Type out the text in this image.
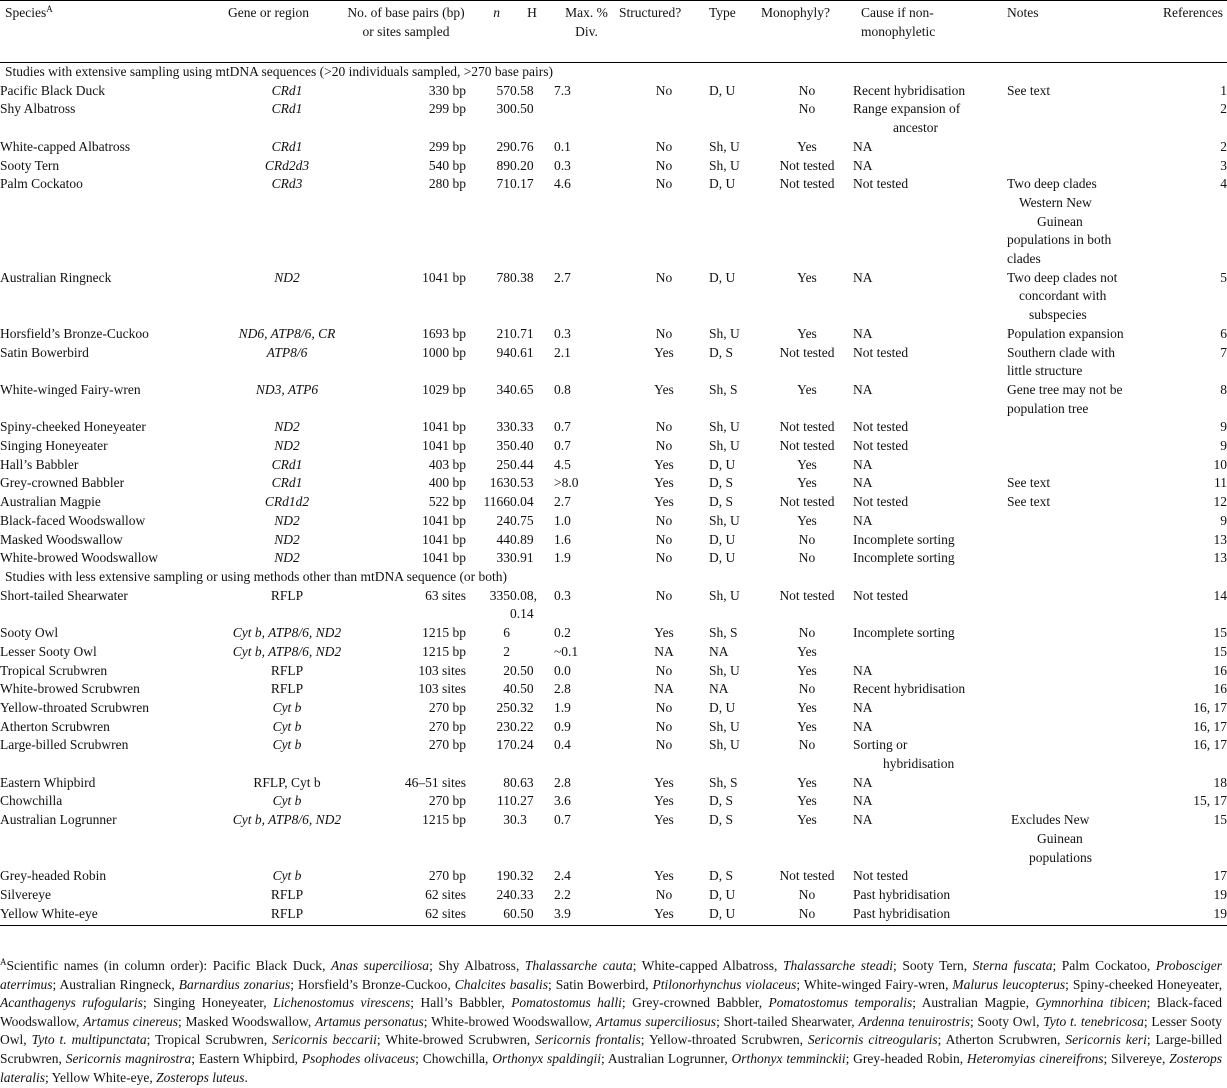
Species$^A$	Gene or region	No. of base pairs (bp) or sites sampled	n	H	Max. % Div.	Structured?	Type	Monophyly?	Cause if non-monophyletic	Notes	References
Studies with extensive sampling using mtDNA sequences (>20 individuals sampled, >270 base pairs)											
Pacific Black Duck	CRd1	330 bp	57	0.58	7.3	No	D, U	No	Recent hybridisation	See text	1
Shy Albatross	CRd1	299 bp	30	0.50				No	Range expansion of
ancestor		2
White-capped Albatross	CRd1	299 bp	29	0.76	0.1	No	Sh, U	Yes	NA		2
Sooty Tern	CRd2d3	540 bp	89	0.20	0.3	No	Sh, U	Not tested	NA		3
Palm Cockatoo	CRd3	280 bp	71	0.17	4.6	No	D, U	Not tested	Not tested	Two deep clades
Western New
Guinean
populations in both
clades	4
Australian Ringneck	ND2	1041 bp	78	0.38	2.7	No	D, U	Yes	NA	Two deep clades not
concordant with
subspecies	5
Horsfield’s Bronze-Cuckoo	ND6, ATP8/6, CR	1693 bp	21	0.71	0.3	No	Sh, U	Yes	NA	Population expansion	6
Satin Bowerbird	ATP8/6	1000 bp	94	0.61	2.1	Yes	D, S	Not tested	Not tested	Southern clade with
little structure	7
White-winged Fairy-wren	ND3, ATP6	1029 bp	34	0.65	0.8	Yes	Sh, S	Yes	NA	Gene tree may not be
population tree	8
Spiny-cheeked Honeyeater	ND2	1041 bp	33	0.33	0.7	No	Sh, U	Not tested	Not tested		9
Singing Honeyeater	ND2	1041 bp	35	0.40	0.7	No	Sh, U	Not tested	Not tested		9
Hall’s Babbler	CRd1	403 bp	25	0.44	4.5	Yes	D, U	Yes	NA		10
Grey-crowned Babbler	CRd1	400 bp	163	0.53	>8.0	Yes	D, S	Yes	NA	See text	11
Australian Magpie	CRd1d2	522 bp	1166	0.04	2.7	Yes	D, S	Not tested	Not tested	See text	12
Black-faced Woodswallow	ND2	1041 bp	24	0.75	1.0	No	Sh, U	Yes	NA		9
Masked Woodswallow	ND2	1041 bp	44	0.89	1.6	No	D, U	No	Incomplete sorting		13
White-browed Woodswallow	ND2	1041 bp	33	0.91	1.9	No	D, U	No	Incomplete sorting		13
Studies with less extensive sampling or using methods other than mtDNA sequence (or both)											
Short-tailed Shearwater	RFLP	63 sites	335	0.08,
0.14	0.3	No	Sh, U	Not tested	Not tested		14
Sooty Owl	Cyt b, ATP8/6, ND2	1215 bp	6		0.2	Yes	Sh, S	No	Incomplete sorting		15
Lesser Sooty Owl	Cyt b, ATP8/6, ND2	1215 bp	2		~0.1	NA	NA	Yes			15
Tropical Scrubwren	RFLP	103 sites	2	0.50	0.0	No	Sh, U	Yes	NA		16
White-browed Scrubwren	RFLP	103 sites	4	0.50	2.8	NA	NA	No	Recent hybridisation		16
Yellow-throated Scrubwren	Cyt b	270 bp	25	0.32	1.9	No	D, U	Yes	NA		16, 17
Atherton Scrubwren	Cyt b	270 bp	23	0.22	0.9	No	Sh, U	Yes	NA		16, 17
Large-billed Scrubwren	Cyt b	270 bp	17	0.24	0.4	No	Sh, U	No	Sorting or
hybridisation		16, 17
Eastern Whipbird	RFLP, Cyt b	46–51 sites	8	0.63	2.8	Yes	Sh, S	Yes	NA		18
Chowchilla	Cyt b	270 bp	11	0.27	3.6	Yes	D, S	Yes	NA		15, 17
Australian Logrunner	Cyt b, ATP8/6, ND2	1215 bp	3	0.3	0.7	Yes	D, S	Yes	NA	Excludes New
Guinean
populations	15
Grey-headed Robin	Cyt b	270 bp	19	0.32	2.4	Yes	D, S	Not tested	Not tested		17
Silvereye	RFLP	62 sites	24	0.33	2.2	No	D, U	No	Past hybridisation		19
Yellow White-eye	RFLP	62 sites	6	0.50	3.9	Yes	D, U	No	Past hybridisation		19
$^A$Scientific names (in column order): Pacific Black Duck, Anas superciliosa; Shy Albatross, Thalassarche cauta; White-capped Albatross, Thalassarche steadi; Sooty Tern, Sterna fuscata; Palm Cockatoo, Probosciger aterrimus; Australian Ringneck, Barnardius zonarius; Horsfield’s Bronze-Cuckoo, Chalcites basalis; Satin Bowerbird, Ptilonorhynchus violaceus; White-winged Fairy-wren, Malurus leucopterus; Spiny-cheeked Honeyeater, Acanthagenys rufogularis; Singing Honeyeater, Lichenostomus virescens; Hall’s Babbler, Pomatostomus halli; Grey-crowned Babbler, Pomatostomus temporalis; Australian Magpie, Gymnorhina tibicen; Black-faced Woodswallow, Artamus cinereus; Masked Woodswallow, Artamus personatus; White-browed Woodswallow, Artamus superciliosus; Short-tailed Shearwater, Ardenna tenuirostris; Sooty Owl, Tyto t. tenebricosa; Lesser Sooty Owl, Tyto t. multipunctata; Tropical Scrubwren, Sericornis beccarii; White-browed Scrubwren, Sericornis frontalis; Yellow-throated Scrubwren, Sericornis citreogularis; Atherton Scrubwren, Sericornis keri; Large-billed Scrubwren, Sericornis magnirostra; Eastern Whipbird, Psophodes olivaceus; Chowchilla, Orthonyx spaldingii; Australian Logrunner, Orthonyx temminckii; Grey-headed Robin, Heteromyias cinereifrons; Silvereye, Zosterops lateralis; Yellow White-eye, Zosterops luteus.
